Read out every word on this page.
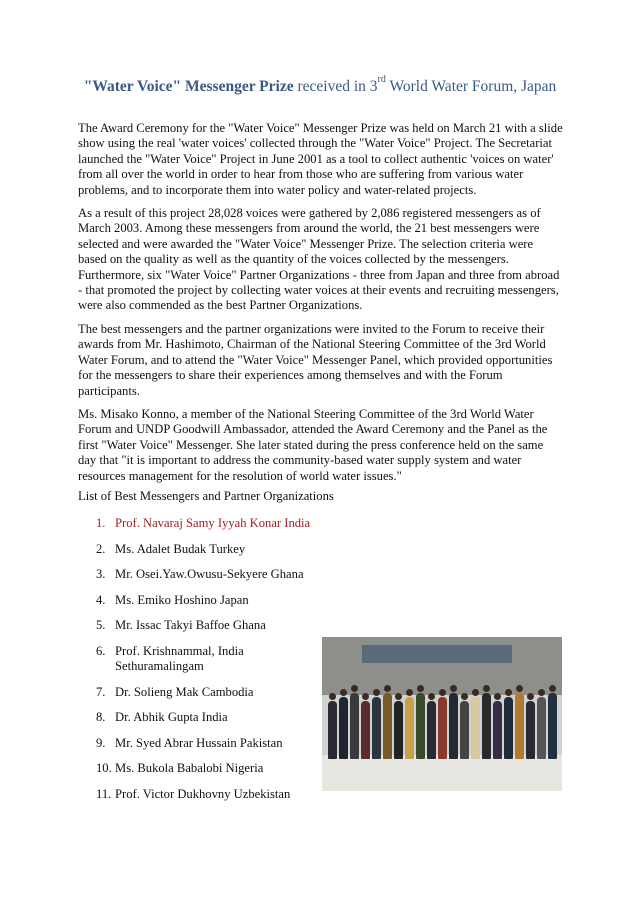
"Water Voice" Messenger Prize received in 3rd World Water Forum, Japan

The Award Ceremony for the "Water Voice" Messenger Prize was held on March 21 with a slide show using the real 'water voices' collected through the "Water Voice" Project. The Secretariat launched the "Water Voice" Project in June 2001 as a tool to collect authentic 'voices on water' from all over the world in order to hear from those who are suffering from various water problems, and to incorporate them into water policy and water-related projects.

As a result of this project 28,028 voices were gathered by 2,086 registered messengers as of March 2003. Among these messengers from around the world, the 21 best messengers were selected and were awarded the "Water Voice" Messenger Prize. The selection criteria were based on the quality as well as the quantity of the voices collected by the messengers. Furthermore, six "Water Voice" Partner Organizations - three from Japan and three from abroad - that promoted the project by collecting water voices at their events and recruiting messengers, were also commended as the best Partner Organizations.

The best messengers and the partner organizations were invited to the Forum to receive their awards from Mr. Hashimoto, Chairman of the National Steering Committee of the 3rd World Water Forum, and to attend the "Water Voice" Messenger Panel, which provided opportunities for the messengers to share their experiences among themselves and with the Forum participants.

Ms. Misako Konno, a member of the National Steering Committee of the 3rd World Water Forum and UNDP Goodwill Ambassador, attended the Award Ceremony and the Panel as the first "Water Voice" Messenger. She later stated during the press conference held on the same day that "it is important to address the community-based water supply system and water resources management for the resolution of world water issues."

List of Best Messengers and Partner Organizations
1. Prof. Navaraj Samy Iyyah Konar India
2. Ms. Adalet Budak Turkey
3. Mr. Osei.Yaw.Owusu-Sekyere Ghana
4. Ms. Emiko Hoshino Japan
5. Mr. Issac Takyi Baffoe Ghana
6. Prof. Krishnammal, India Sethuramalingam
7. Dr. Solieng Mak Cambodia
8. Dr. Abhik Gupta India
9. Mr. Syed Abrar Hussain Pakistan
10. Ms. Bukola Babalobi Nigeria
11. Prof. Victor Dukhovny Uzbekistan
